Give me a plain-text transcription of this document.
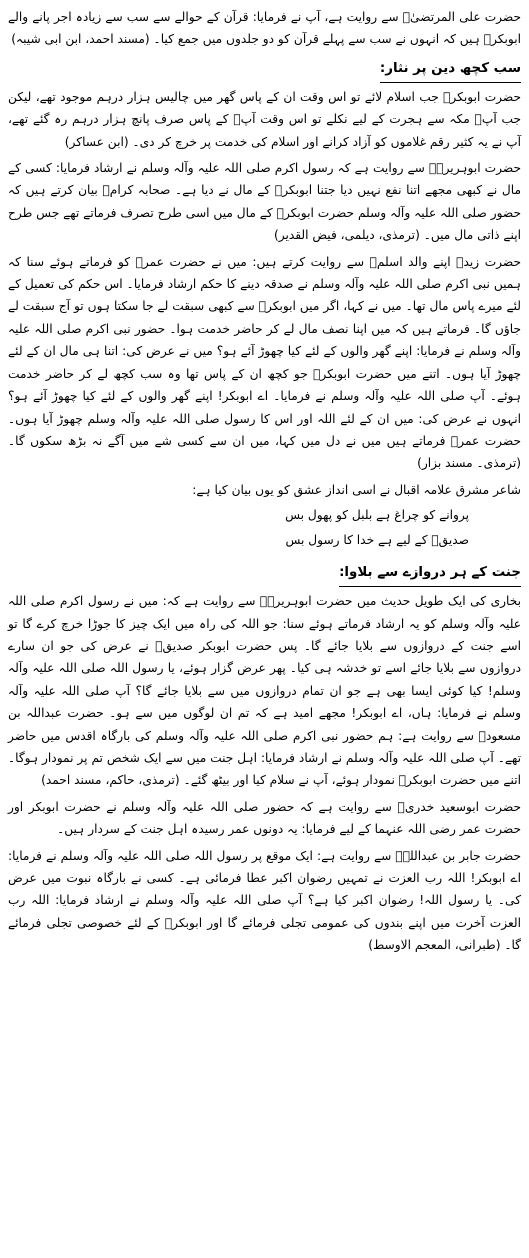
حضرت علی المرتضیٰؓ سے روایت ہے، آپ نے فرمایا: قرآن کے حوالے سے سب سے زیادہ اجر پانے والے ابوبکرؓ ہیں کہ انہوں نے سب سے پہلے قرآن کو دو جلدوں میں جمع کیا۔ (مسند احمد، ابن ابی شیبہ)

سب کچھ دین پر نثار:

حضرت ابوبکرؓ جب اسلام لائے تو اس وقت ان کے پاس گھر میں چالیس ہزار درہم موجود تھے، لیکن جب آپؓ مکہ سے ہجرت کے لیے نکلے تو اس وقت آپؓ کے پاس صرف پانچ ہزار درہم رہ گئے تھے، آپ نے یہ کثیر رقم غلاموں کو آزاد کرانے اور اسلام کی خدمت پر خرچ کر دی۔ (ابن عساکر)

حضرت ابوہریرہؓ سے روایت ہے کہ رسول اکرم صلی اللہ علیہ وآلہ وسلم نے ارشاد فرمایا: کسی کے مال نے کبھی مجھے اتنا نفع نہیں دیا جتنا ابوبکرؓ کے مال نے دیا ہے۔ صحابہ کرامؓ بیان کرتے ہیں کہ حضور صلی اللہ علیہ وآلہ وسلم حضرت ابوبکرؓ کے مال میں اسی طرح تصرف فرماتے تھے جس طرح اپنے ذاتی مال میں۔ (ترمذی، دیلمی، فیض القدیر)

حضرت زیدؓ اپنے والد اسلمؓ سے روایت کرتے ہیں: میں نے حضرت عمرؓ کو فرماتے ہوئے سنا کہ ہمیں نبی اکرم صلی اللہ علیہ وآلہ وسلم نے صدقہ دینے کا حکم ارشاد فرمایا۔ اس حکم کی تعمیل کے لئے میرے پاس مال تھا۔ میں نے کہا، اگر میں ابوبکرؓ سے کبھی سبقت لے جا سکتا ہوں تو آج سبقت لے جاؤں گا۔ فرماتے ہیں کہ میں اپنا نصف مال لے کر حاضر خدمت ہوا۔ حضور نبی اکرم صلی اللہ علیہ وآلہ وسلم نے فرمایا: اپنے گھر والوں کے لئے کیا چھوڑ آئے ہو؟ میں نے عرض کی: اتنا ہی مال ان کے لئے چھوڑ آیا ہوں۔ اتنے میں حضرت ابوبکرؓ جو کچھ ان کے پاس تھا وہ سب کچھ لے کر حاضر خدمت ہوئے۔ آپ صلی اللہ علیہ وآلہ وسلم نے فرمایا۔ اے ابوبکر! اپنے گھر والوں کے لئے کیا چھوڑ آئے ہو؟ انہوں نے عرض کی: میں ان کے لئے اللہ اور اس کا رسول صلی اللہ علیہ وآلہ وسلم چھوڑ آیا ہوں۔ حضرت عمرؓ فرماتے ہیں میں نے دل میں کہا، میں ان سے کسی شے میں آگے نہ بڑھ سکوں گا۔ (ترمذی۔ مسند بزار)

شاعر مشرق علامہ اقبال نے اسی انداز عشق کو یوں بیان کیا ہے:

پروانے کو چراغ ہے بلبل کو پھول بس
صدیقؓ کے لیے ہے خدا کا رسول بس
جنت کے ہر دروازے سے بلاوا:

بخاری کی ایک طویل حدیث میں حضرت ابوہریرہؓ سے روایت ہے کہ: میں نے رسول اکرم صلی اللہ علیہ وآلہ وسلم کو یہ ارشاد فرماتے ہوئے سنا: جو اللہ کی راہ میں ایک چیز کا جوڑا خرچ کرے گا تو اسے جنت کے دروازوں سے بلایا جائے گا۔ پس حضرت ابوبکر صدیقؓ نے عرض کی جو ان سارے دروازوں سے بلایا جائے اسے تو خدشہ ہی کیا۔ پھر عرض گزار ہوئے، یا رسول اللہ صلی اللہ علیہ وآلہ وسلم! کیا کوئی ایسا بھی ہے جو ان تمام دروازوں میں سے بلایا جائے گا؟ آپ صلی اللہ علیہ وآلہ وسلم نے فرمایا: ہاں، اے ابوبکر! مجھے امید ہے کہ تم ان لوگوں میں سے ہو۔ حضرت عبداللہ بن مسعودؓ سے روایت ہے: ہم حضور نبی اکرم صلی اللہ علیہ وآلہ وسلم کی بارگاہ اقدس میں حاضر تھے۔ آپ صلی اللہ علیہ وآلہ وسلم نے ارشاد فرمایا: اہل جنت میں سے ایک شخص تم پر نمودار ہوگا۔ اتنے میں حضرت ابوبکرؓ نمودار ہوئے، آپ نے سلام کیا اور بیٹھ گئے۔ (ترمذی، حاکم، مسند احمد)

حضرت ابوسعید خدریؓ سے روایت ہے کہ حضور صلی اللہ علیہ وآلہ وسلم نے حضرت ابوبکر اور حضرت عمر رضی اللہ عنہما کے لیے فرمایا: یہ دونوں عمر رسیدہ اہل جنت کے سردار ہیں۔

حضرت جابر بن عبداللہؓ سے روایت ہے: ایک موقع پر رسول اللہ صلی اللہ علیہ وآلہ وسلم نے فرمایا: اے ابوبکر! اللہ رب العزت نے تمہیں رضوان اکبر عطا فرمائی ہے۔ کسی نے بارگاہ نبوت میں عرض کی۔ یا رسول اللہ! رضوان اکبر کیا ہے؟ آپ صلی اللہ علیہ وآلہ وسلم نے ارشاد فرمایا: اللہ رب العزت آخرت میں اپنے بندوں کی عمومی تجلی فرمائے گا اور ابوبکرؓ کے لئے خصوصی تجلی فرمائے گا۔ (طبرانی، المعجم الاوسط)
